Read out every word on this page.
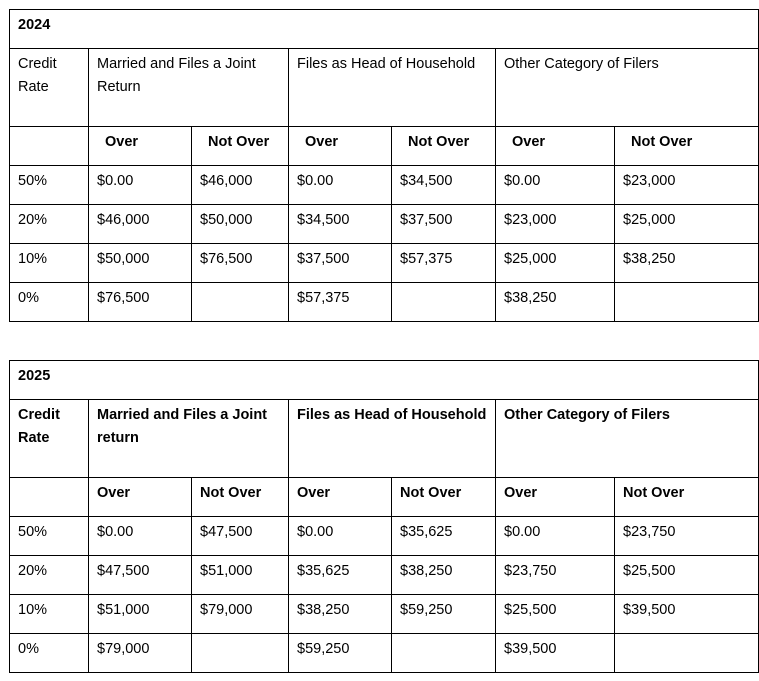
2024						
Credit Rate	Married and Files a Joint Return		Files as Head of Household		Other Category of Filers	
	Over	Not Over	Over	Not Over	Over	Not Over
50%	$0.00	$46,000	$0.00	$34,500	$0.00	$23,000
20%	$46,000	$50,000	$34,500	$37,500	$23,000	$25,000
10%	$50,000	$76,500	$37,500	$57,375	$25,000	$38,250
0%	$76,500		$57,375		$38,250	
2025						
Credit Rate	Married and Files a Joint return		Files as Head of Household		Other Category of Filers	
	Over	Not Over	Over	Not Over	Over	Not Over
50%	$0.00	$47,500	$0.00	$35,625	$0.00	$23,750
20%	$47,500	$51,000	$35,625	$38,250	$23,750	$25,500
10%	$51,000	$79,000	$38,250	$59,250	$25,500	$39,500
0%	$79,000		$59,250		$39,500	
